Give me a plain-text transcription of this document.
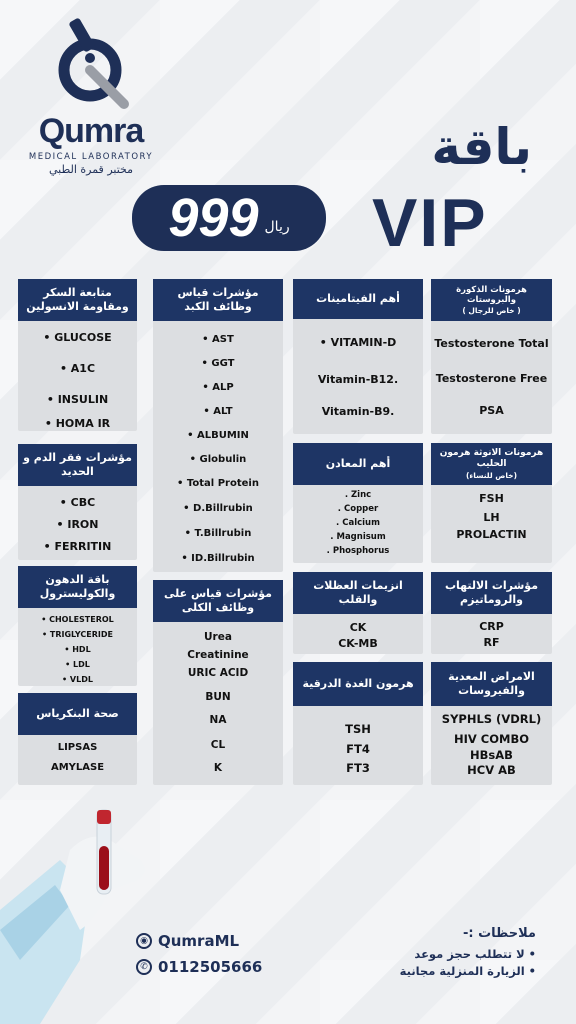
Qumra
MEDICAL LABORATORY
مختبر قمرة الطبي	باقة
VIP
999 ريال
متابعة السكر ومقاومة الانسولين
• GLUCOSE
• A1C
• INSULIN
• HOMA IR
مؤشرات فقر الدم و الحديد
• CBC
• IRON
• FERRITIN
باقة الدهون والكوليسترول
• CHOLESTEROL
• TRIGLYCERIDE
• HDL
• LDL
• VLDL
صحة البنكرياس
LIPSAS
AMYLASE
مؤشرات قياس وظائف الكبد
• AST
• GGT
• ALP
• ALT
• ALBUMIN
• Globulin
• Total Protein
• D.Billrubin
• T.Billrubin
• ID.Billrubin
مؤشرات قياس على وظائف الكلى
Urea
Creatinine
URIC ACID
BUN
NA
CL
K
أهم الفيتامينات
• VITAMIN-D
Vitamin-B12.
Vitamin-B9.
أهم المعادن
. Zinc
. Copper
. Calcium
. Magnisum
. Phosphorus
انزيمات العظلات والقلب
CK
CK-MB
هرمون الغدة الدرقية
TSH
FT4
FT3
هرمونات الذكورة والبروستات
( خاص للرجال )
Testosterone Total
Testosterone Free
PSA
هرمونات الانوثة هرمون الحليب
(خاص للنساء)
FSH
LH
PROLACTIN
مؤشرات الالتهاب والروماتيزم
CRP
RF
الامراض المعدية والفيروسات
SYPHLS (VDRL)
HIV COMBO
HBsAB
HCV AB
◉ QumraML
✆ 0112505666
ملاحظات :-
• لا تتطلب حجز موعد
• الزيارة المنزلية مجانية
